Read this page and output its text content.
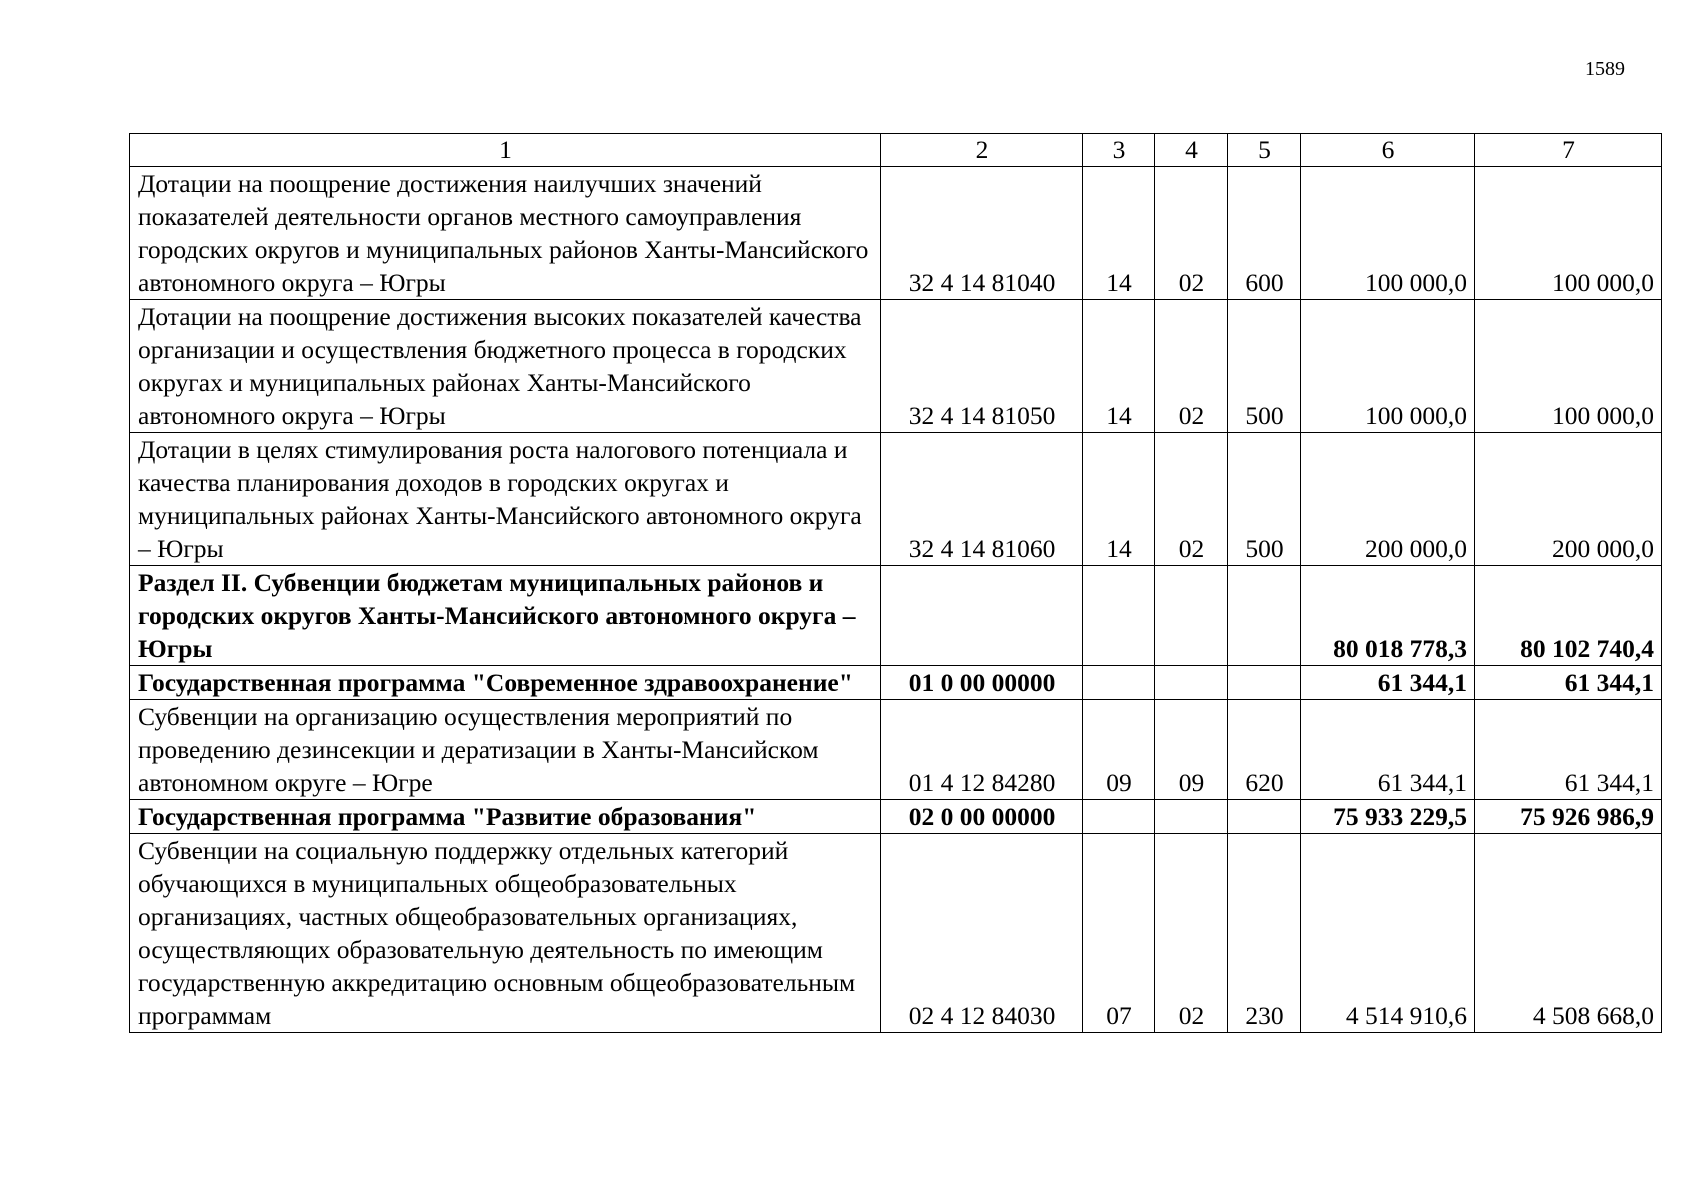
1589
1	2	3	4	5	6	7
Дотации на поощрение достижения наилучших значений показателей деятельности органов местного самоуправления городских округов и муниципальных районов Ханты-Мансийского автономного округа – Югры	32 4 14 81040	14	02	600	100 000,0	100 000,0
Дотации на поощрение достижения высоких показателей качества организации и осуществления бюджетного процесса в городских округах и муниципальных районах Ханты-Мансийского автономного округа – Югры	32 4 14 81050	14	02	500	100 000,0	100 000,0
Дотации в целях стимулирования роста налогового потенциала и качества планирования доходов в городских округах и муниципальных районах Ханты-Мансийского автономного округа – Югры	32 4 14 81060	14	02	500	200 000,0	200 000,0
Раздел II. Субвенции бюджетам муниципальных районов и городских округов Ханты-Мансийского автономного округа – Югры					80 018 778,3	80 102 740,4
Государственная программа "Современное здравоохранение"	01 0 00 00000				61 344,1	61 344,1
Субвенции на организацию осуществления мероприятий по проведению дезинсекции и дератизации в Ханты-Мансийском автономном округе – Югре	01 4 12 84280	09	09	620	61 344,1	61 344,1
Государственная программа "Развитие образования"	02 0 00 00000				75 933 229,5	75 926 986,9
Субвенции на социальную поддержку отдельных категорий обучающихся в муниципальных общеобразовательных организациях, частных общеобразовательных организациях, осуществляющих образовательную деятельность по имеющим государственную аккредитацию основным общеобразовательным программам	02 4 12 84030	07	02	230	4 514 910,6	4 508 668,0
